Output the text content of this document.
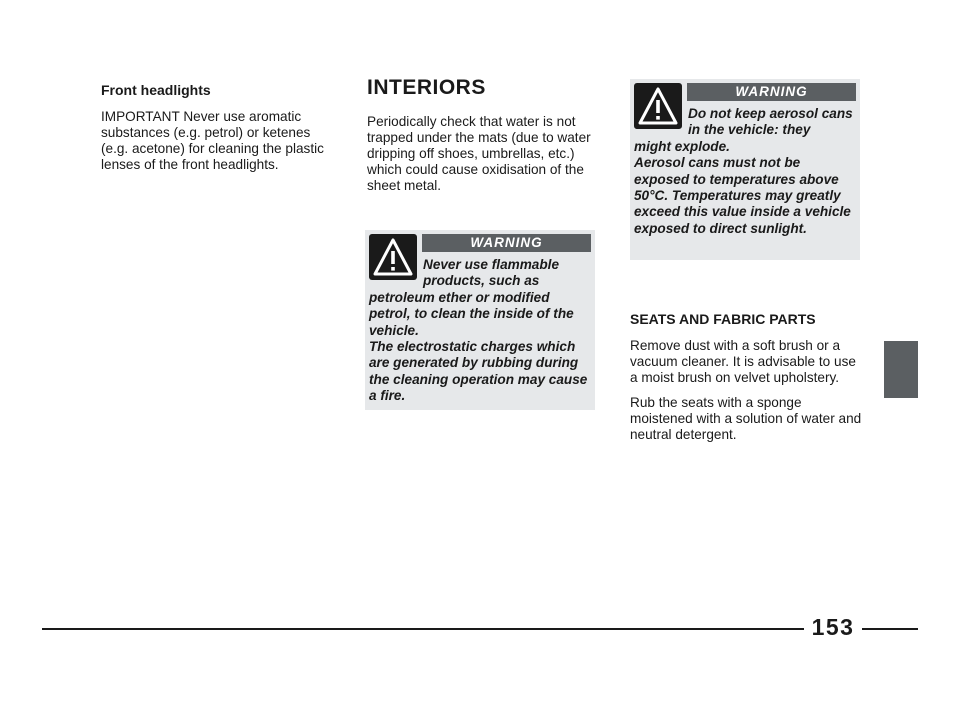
Front headlights

IMPORTANT Never use aromatic substances (e.g. petrol) or ketenes (e.g. acetone) for cleaning the plastic lenses of the front headlights.

INTERIORS

Periodically check that water is not trapped under the mats (due to water dripping off shoes, umbrellas, etc.) which could cause oxidisation of the sheet metal.

WARNING
Never use flammable products, such as
petroleum ether or modified petrol, to clean the inside of the vehicle.
The electrostatic charges which are generated by rubbing during the cleaning operation may cause a fire.
WARNING
Do not keep aerosol cans in the vehicle: they
might explode.
Aerosol cans must not be exposed to temperatures above 50°C. Temperatures may greatly exceed this value inside a vehicle exposed to direct sunlight.
SEATS AND FABRIC PARTS

Remove dust with a soft brush or a vacuum cleaner. It is advisable to use a moist brush on velvet upholstery.

Rub the seats with a sponge moistened with a solution of water and neutral detergent.

153
